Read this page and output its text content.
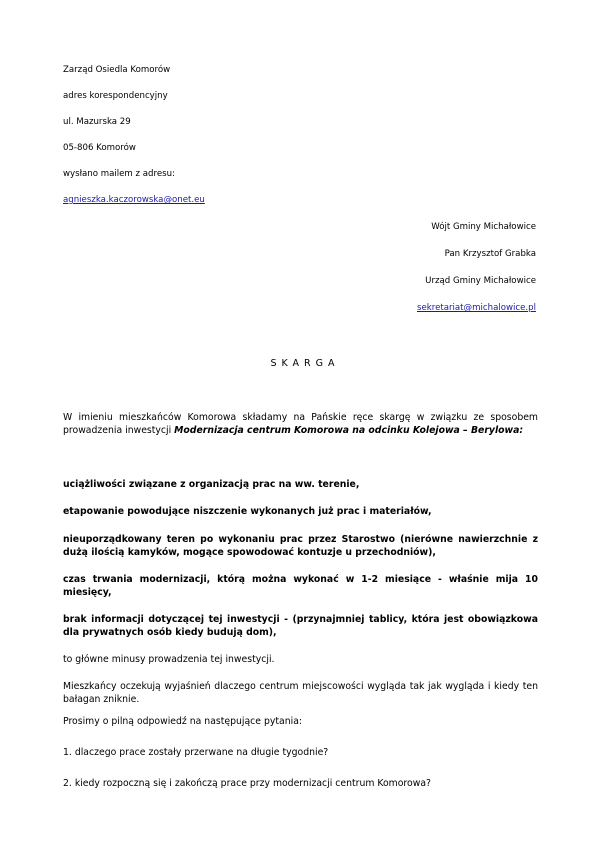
Zarząd Osiedla Komorów
adres korespondencyjny
ul. Mazurska 29
05-806 Komorów
wysłano mailem z adresu:
agnieszka.kaczorowska@onet.eu
Wójt Gminy Michałowice
Pan Krzysztof Grabka
Urząd Gminy Michałowice
sekretariat@michalowice.pl
SKARGA
W imieniu mieszkańców Komorowa składamy na Pańskie ręce skargę w związku ze sposobem prowadzenia inwestycji Modernizacja centrum Komorowa na odcinku Kolejowa – Berylowa:
uciążliwości związane z organizacją prac na ww. terenie,
etapowanie powodujące niszczenie wykonanych już prac i materiałów,
nieuporządkowany teren po wykonaniu prac przez Starostwo (nierówne nawierzchnie z dużą ilością kamyków, mogące spowodować kontuzje u przechodniów),
czas trwania modernizacji, którą można wykonać w 1-2 miesiące - właśnie mija 10 miesięcy,
brak informacji dotyczącej tej inwestycji - (przynajmniej tablicy, która jest obowiązkowa dla prywatnych osób kiedy budują dom),
to główne minusy prowadzenia tej inwestycji.
Mieszkańcy oczekują wyjaśnień dlaczego centrum miejscowości wygląda tak jak wygląda i kiedy ten bałagan zniknie.
Prosimy o pilną odpowiedź na następujące pytania:
1. dlaczego prace zostały przerwane na długie tygodnie?
2. kiedy rozpoczną się i zakończą prace przy modernizacji centrum Komorowa?
